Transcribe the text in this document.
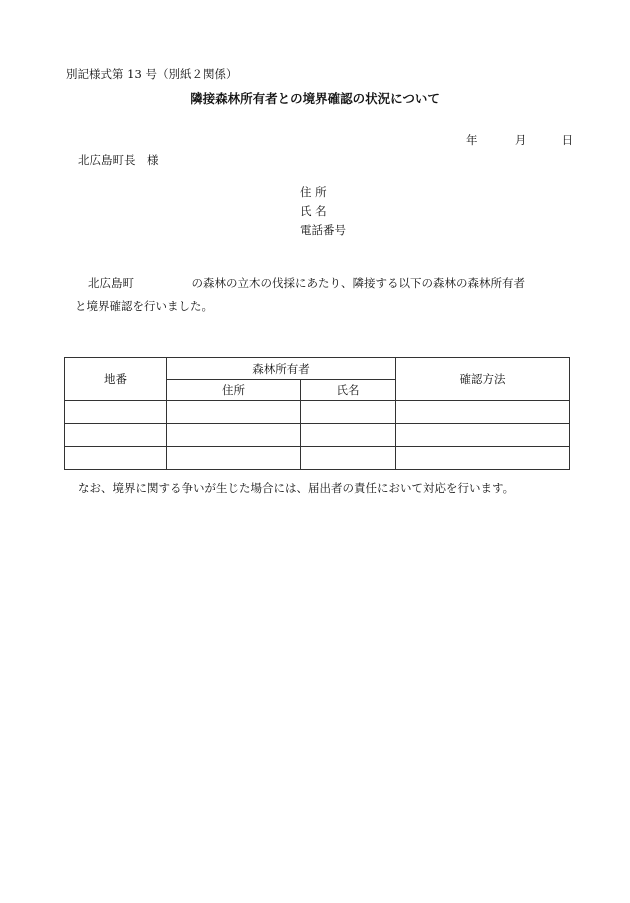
別記様式第 13 号（別紙２関係）
隣接森林所有者との境界確認の状況について
年	月	日
北広島町長　様
住 所
氏 名
電話番号
北広島町　　　　　の森林の立木の伐採にあたり、隣接する以下の森林の森林所有者
と境界確認を行いました。
地番	森林所有者		確認方法
	住所	氏名	

なお、境界に関する争いが生じた場合には、届出者の責任において対応を行います。
